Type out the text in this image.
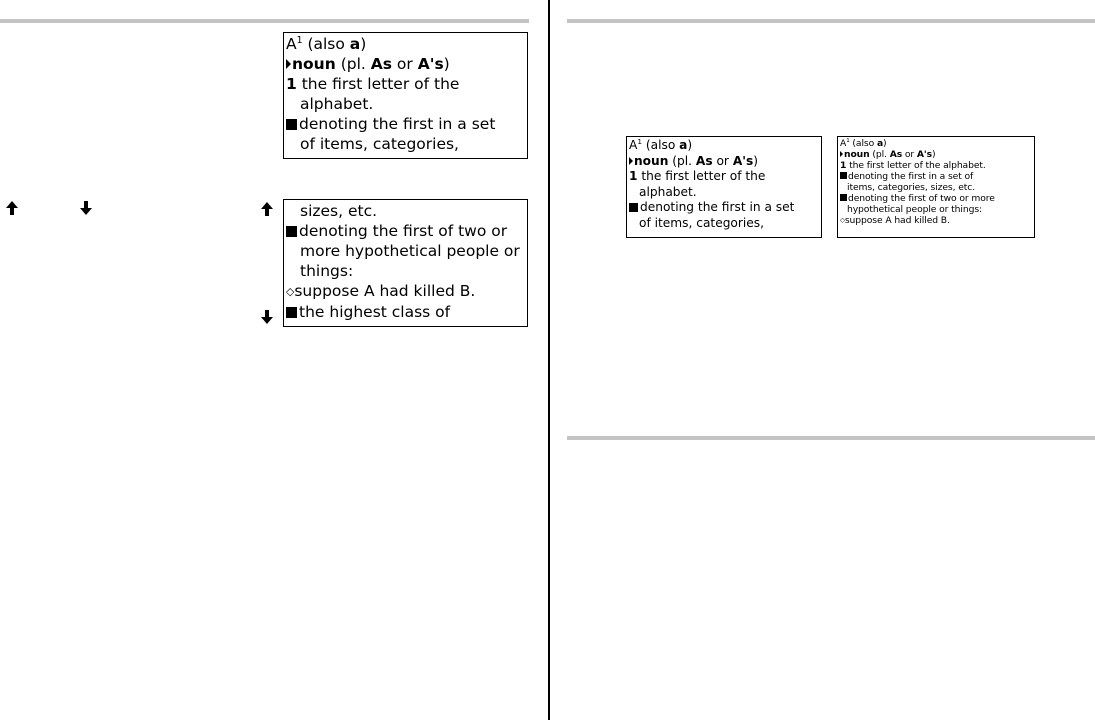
$A^1$ (also a)
noun (pl. As or A's)
1 the first letter of the
alphabet.
denoting the first in a set
of items, categories,
sizes, etc.
denoting the first of two or
more hypothetical people or
things:
◇suppose A had killed B.
the highest class of
$A^1$ (also a)
noun (pl. As or A's)
1 the first letter of the
alphabet.
denoting the first in a set
of items, categories,
$A^1$ (also a)
noun (pl. As or A's)
1 the first letter of the alphabet.
denoting the first in a set of
items, categories, sizes, etc.
denoting the first of two or more
hypothetical people or things:
◇suppose A had killed B.
